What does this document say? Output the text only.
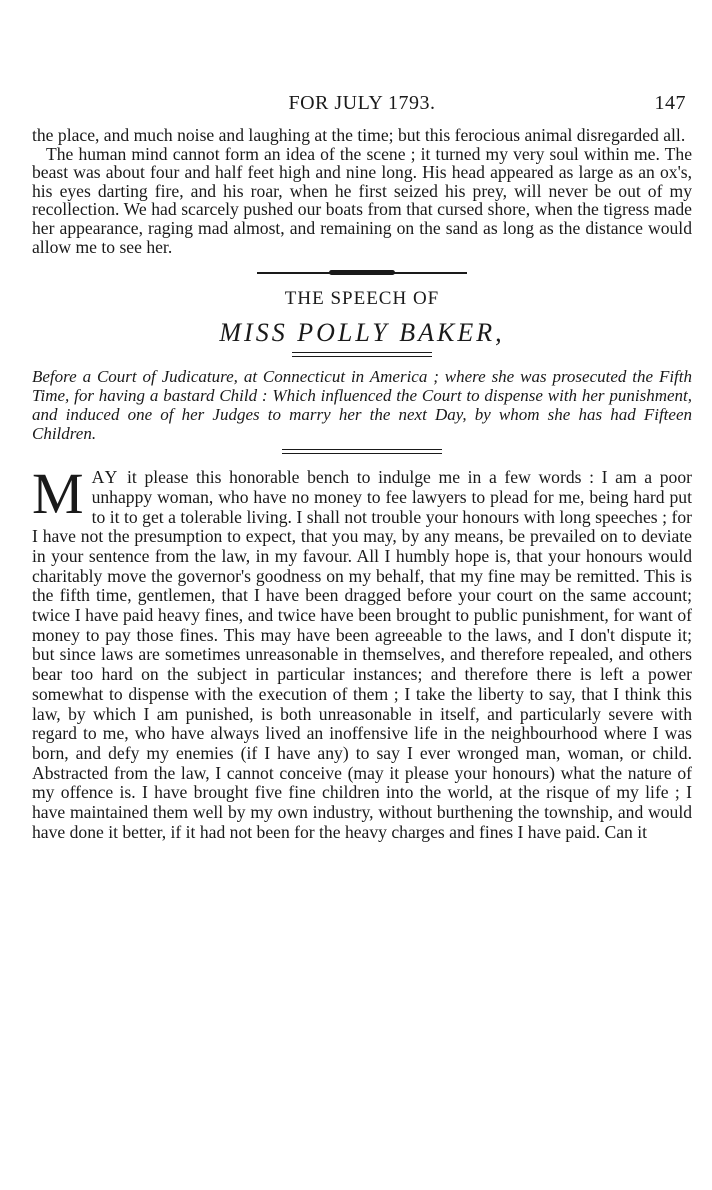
FOR JULY 1793.	147

the place, and much noise and laughing at the time; but this ferocious animal disregarded all.

The human mind cannot form an idea of the scene ; it turned my very soul within me. The beast was about four and half feet high and nine long. His head appeared as large as an ox's, his eyes darting fire, and his roar, when he first seized his prey, will never be out of my recollection. We had scarcely pushed our boats from that cursed shore, when the tigress made her appearance, raging mad almost, and remaining on the sand as long as the distance would allow me to see her.

THE SPEECH OF
MISS POLLY BAKER,

Before a Court of Judicature, at Connecticut in America ; where she was prosecuted the Fifth Time, for having a bastard Child : Which influenced the Court to dispense with her punishment, and induced one of her Judges to marry her the next Day, by whom she has had Fifteen Children.

MAY it please this honorable bench to indulge me in a few words : I am a poor unhappy woman, who have no money to fee lawyers to plead for me, being hard put to it to get a tolerable living. I shall not trouble your honours with long speeches ; for I have not the presumption to expect, that you may, by any means, be prevailed on to deviate in your sentence from the law, in my favour. All I humbly hope is, that your honours would charitably move the governor's goodness on my behalf, that my fine may be remitted. This is the fifth time, gentlemen, that I have been dragged before your court on the same account; twice I have paid heavy fines, and twice have been brought to public punishment, for want of money to pay those fines. This may have been agreeable to the laws, and I don't dispute it; but since laws are sometimes unreasonable in themselves, and therefore repealed, and others bear too hard on the subject in particular instances; and therefore there is left a power somewhat to dispense with the execution of them ; I take the liberty to say, that I think this law, by which I am punished, is both unreasonable in itself, and particularly severe with regard to me, who have always lived an inoffensive life in the neighbourhood where I was born, and defy my enemies (if I have any) to say I ever wronged man, woman, or child. Abstracted from the law, I cannot conceive (may it please your honours) what the nature of my offence is. I have brought five fine children into the world, at the risque of my life ; I have maintained them well by my own industry, without burthening the township, and would have done it better, if it had not been for the heavy charges and fines I have paid. Can it
